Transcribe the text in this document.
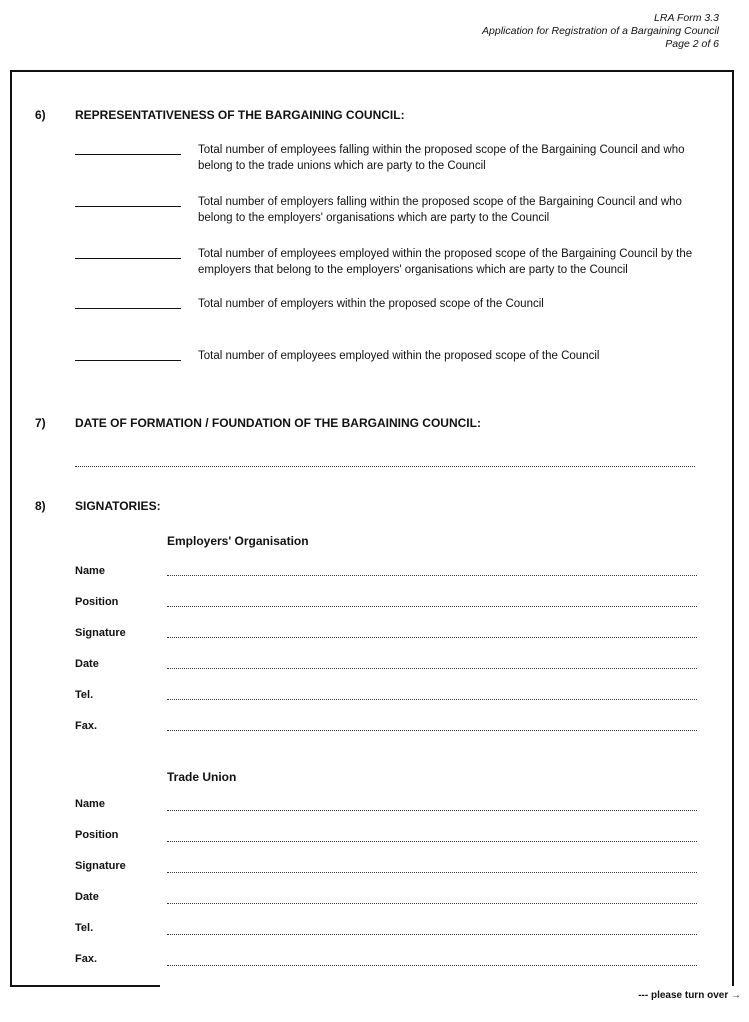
LRA Form 3.3
Application for Registration of a Bargaining Council
Page 2 of 6
6) REPRESENTATIVENESS OF THE BARGAINING COUNCIL:
Total number of employees falling within the proposed scope of the Bargaining Council and who belong to the trade unions which are party to the Council
Total number of employers falling within the proposed scope of the Bargaining Council and who belong to the employers' organisations which are party to the Council
Total number of employees employed within the proposed scope of the Bargaining Council by the employers that belong to the employers' organisations which are party to the Council
Total number of employers within the proposed scope of the Council
Total number of employees employed within the proposed scope of the Council
7) DATE OF FORMATION / FOUNDATION OF THE BARGAINING COUNCIL:
8) SIGNATORIES:
Employers' Organisation
Name
Position
Signature
Date
Tel.
Fax.
Trade Union
Name
Position
Signature
Date
Tel.
Fax.
--- please turn over →
